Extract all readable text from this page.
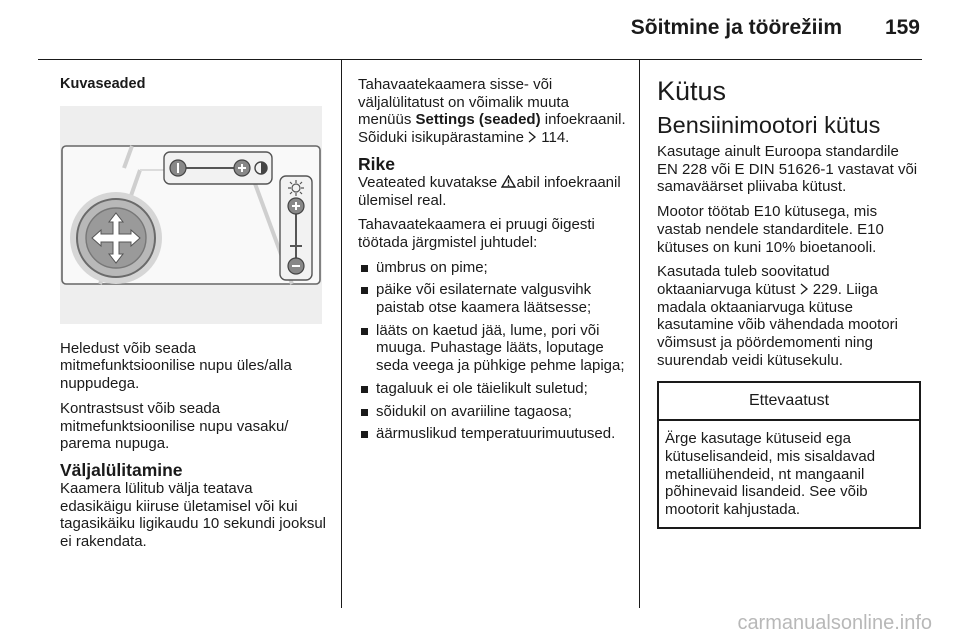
Sõitmine ja töörežiim 159
Kuvaseaded

Heledust võib seada mitmefunktsioonilise nupu üles/alla nuppudega.

Kontrastsust võib seada mitmefunktsioonilise nupu vasaku/ parema nupuga.

Väljalülitamine

Kaamera lülitub välja teatava edasikäigu kiiruse ületamisel või kui tagasikäiku ligikaudu 10 sekundi jooksul ei rakendata.

Tahavaatekaamera sisse- või väljalülitatust on võimalik muuta menüüs Settings (seaded) infoekraanil. Sõiduki isikupärastamine  114.

Rike

Veateated kuvatakse abil infoekraanil ülemisel real.

Tahavaatekaamera ei pruugi õigesti töötada järgmistel juhtudel:

ümbrus on pime;
päike või esilaternate valgusvihk paistab otse kaamera läätsesse;
lääts on kaetud jää, lume, pori või muuga. Puhastage lääts, loputage seda veega ja pühkige pehme lapiga;
tagaluuk ei ole täielikult suletud;
sõidukil on avariiline tagaosa;
äärmuslikud temperatuurimuutused.
Kütus
Bensiinimootori kütus

Kasutage ainult Euroopa standardile EN 228 või E DIN 51626-1 vastavat või samaväärset pliivaba kütust.

Mootor töötab E10 kütusega, mis vastab nendele standarditele. E10 kütuses on kuni 10% bioetanooli.

Kasutada tuleb soovitatud oktaaniarvuga kütust  229. Liiga madala oktaaniarvuga kütuse kasutamine võib vähendada mootori võimsust ja pöördemomenti ning suurendab veidi kütusekulu.

Ettevaatust
Ärge kasutage kütuseid ega kütuselisandeid, mis sisaldavad metalliühendeid, nt mangaanil põhinevaid lisandeid. See võib mootorit kahjustada.
carmanualsonline.info
